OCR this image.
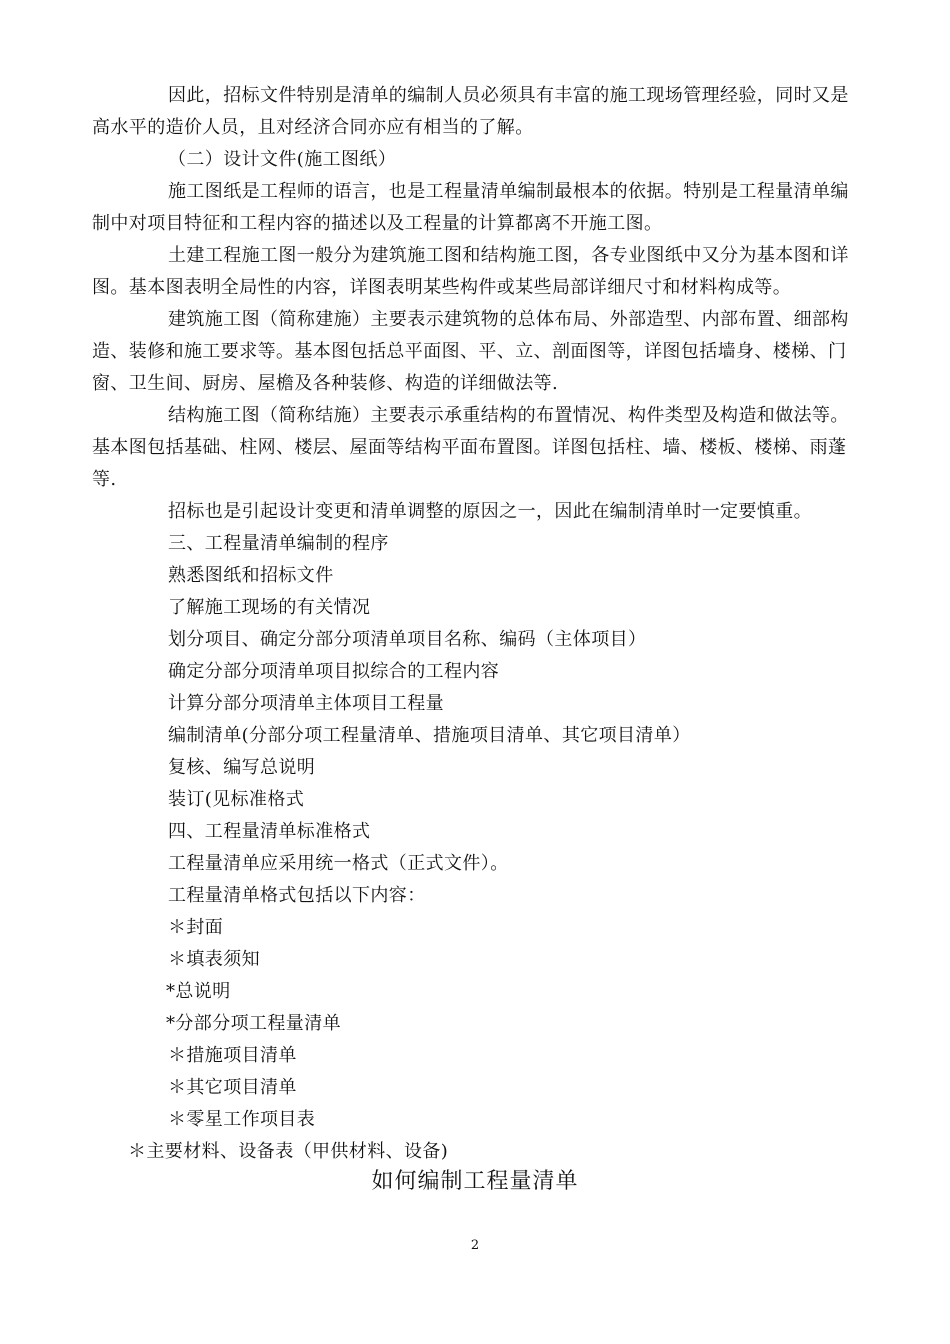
因此，招标文件特别是清单的编制人员必须具有丰富的施工现场管理经验，同时又是高水平的造价人员，且对经济合同亦应有相当的了解。
（二）设计文件(施工图纸）
施工图纸是工程师的语言，也是工程量清单编制最根本的依据。特别是工程量清单编制中对项目特征和工程内容的描述以及工程量的计算都离不开施工图。
土建工程施工图一般分为建筑施工图和结构施工图，各专业图纸中又分为基本图和详图。基本图表明全局性的内容，详图表明某些构件或某些局部详细尺寸和材料构成等。
建筑施工图（简称建施）主要表示建筑物的总体布局、外部造型、内部布置、细部构造、装修和施工要求等。基本图包括总平面图、平、立、剖面图等，详图包括墙身、楼梯、门窗、卫生间、厨房、屋檐及各种装修、构造的详细做法等.
结构施工图（简称结施）主要表示承重结构的布置情况、构件类型及构造和做法等。基本图包括基础、柱网、楼层、屋面等结构平面布置图。详图包括柱、墙、楼板、楼梯、雨蓬等.
招标也是引起设计变更和清单调整的原因之一，因此在编制清单时一定要慎重。
三、工程量清单编制的程序
熟悉图纸和招标文件
了解施工现场的有关情况
划分项目、确定分部分项清单项目名称、编码（主体项目）
确定分部分项清单项目拟综合的工程内容
计算分部分项清单主体项目工程量
编制清单(分部分项工程量清单、措施项目清单、其它项目清单）
复核、编写总说明
装订(见标准格式
四、工程量清单标准格式
工程量清单应采用统一格式（正式文件）。
工程量清单格式包括以下内容：
＊封面
＊填表须知
*总说明
*分部分项工程量清单
＊措施项目清单
＊其它项目清单
＊零星工作项目表
＊主要材料、设备表（甲供材料、设备)
如何编制工程量清单
2
